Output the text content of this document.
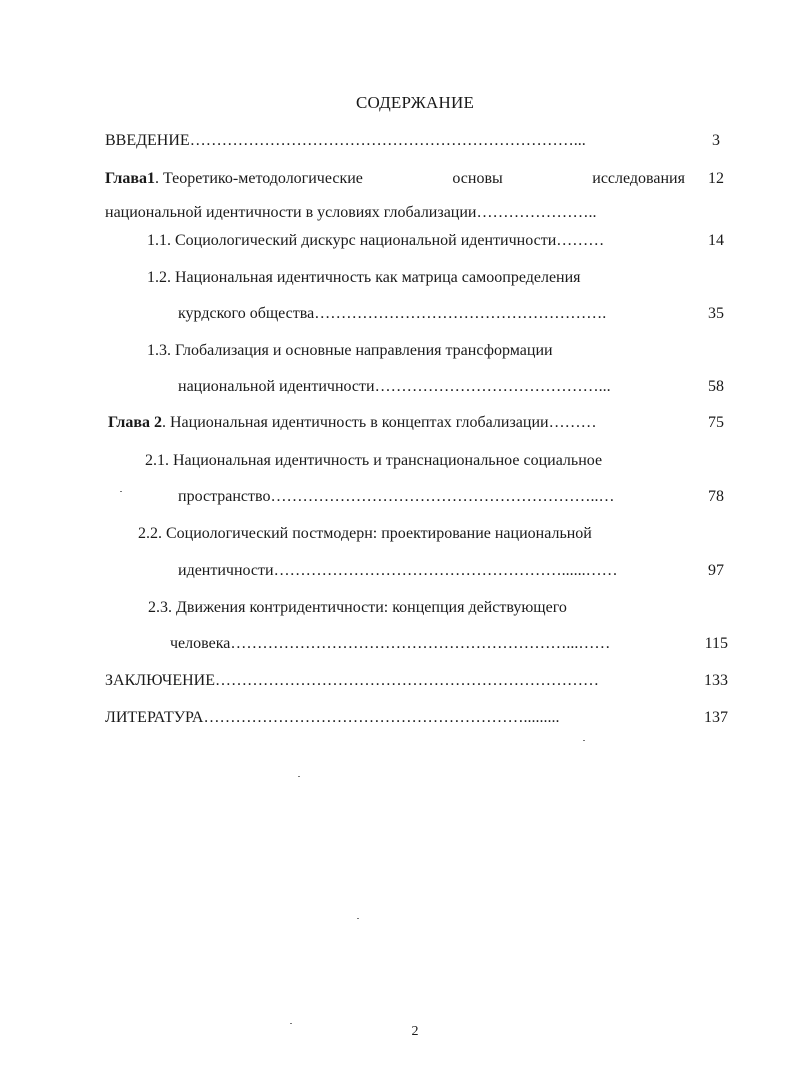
СОДЕРЖАНИЕ
ВВЕДЕНИЕ………………………………………………………………...	3
Глава1. Теоретико-методологические	основы	исследования	12
национальной идентичности в условиях глобализации…………………..
1.1. Социологический дискурс национальной идентичности………	14
1.2. Национальная идентичность как матрица самоопределения
курдского общества……………………………………………….	35
1.3. Глобализация и основные направления трансформации
национальной идентичности……………………………………...	58
Глава 2. Национальная идентичность в концептах глобализации………	75
2.1. Национальная идентичность и транснациональное социальное
пространство……………………………………………………..…	78
2.2. Социологический постмодерн: проектирование национальной
идентичности………………………………………………......……	97
2.3. Движения контридентичности: концепция действующего
человека………………………………………………………...……	115
ЗАКЛЮЧЕНИЕ………………………………………………………………	133
ЛИТЕРАТУРА…………………………………………………….........	137
2
